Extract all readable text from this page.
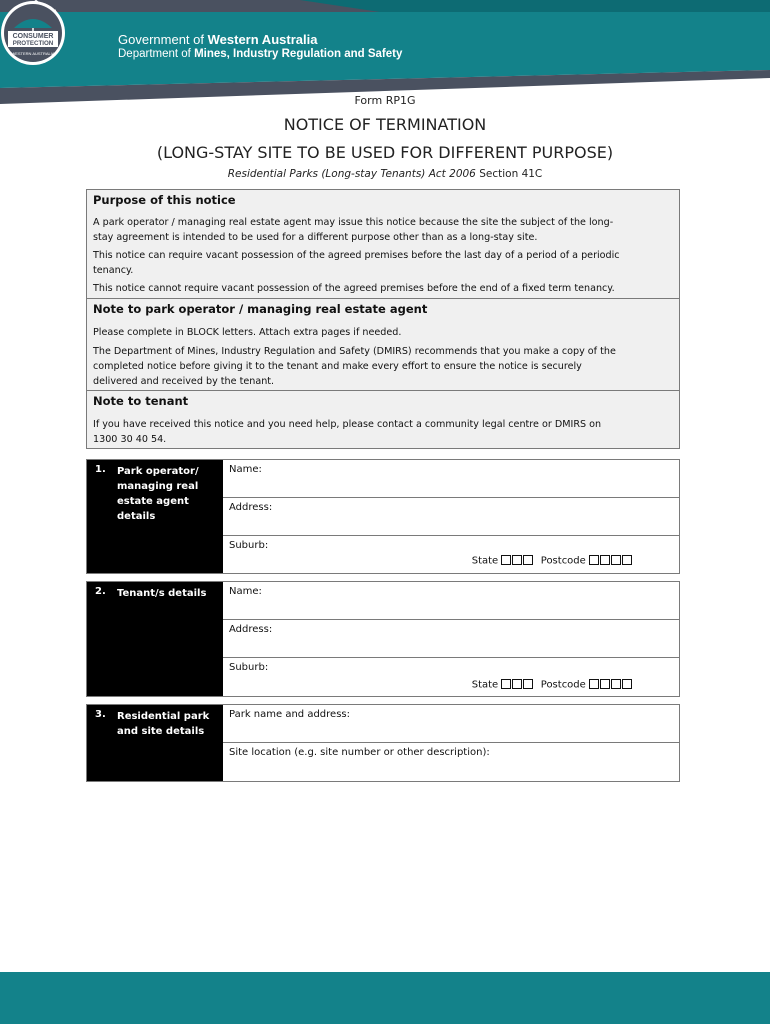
Government of Western Australia
Department of Mines, Industry Regulation and Safety
CONSUMER
PROTECTION
WESTERN AUSTRALIA
Form RP1G
NOTICE OF TERMINATION
(LONG-STAY SITE TO BE USED FOR DIFFERENT PURPOSE)
Residential Parks (Long-stay Tenants) Act 2006 Section 41C
Purpose of this notice
A park operator / managing real estate agent may issue this notice because the site the subject of the long-
stay agreement is intended to be used for a different purpose other than as a long-stay site.
This notice can require vacant possession of the agreed premises before the last day of a period of a periodic
tenancy.
This notice cannot require vacant possession of the agreed premises before the end of a fixed term tenancy.
Note to park operator / managing real estate agent
Please complete in BLOCK letters. Attach extra pages if needed.
The Department of Mines, Industry Regulation and Safety (DMIRS) recommends that you make a copy of the
completed notice before giving it to the tenant and make every effort to ensure the notice is securely
delivered and received by the tenant.
Note to tenant
If you have received this notice and you need help, please contact a community legal centre or DMIRS on
1300 30 40 54.
1. Park operator/ managing real estate agent details
Name:
Address:
Suburb:
State	Postcode
2. Tenant/s details	Name:
Address:
Suburb:
State	Postcode
3. Residential park and site details
Park name and address:
Site location (e.g. site number or other description):
